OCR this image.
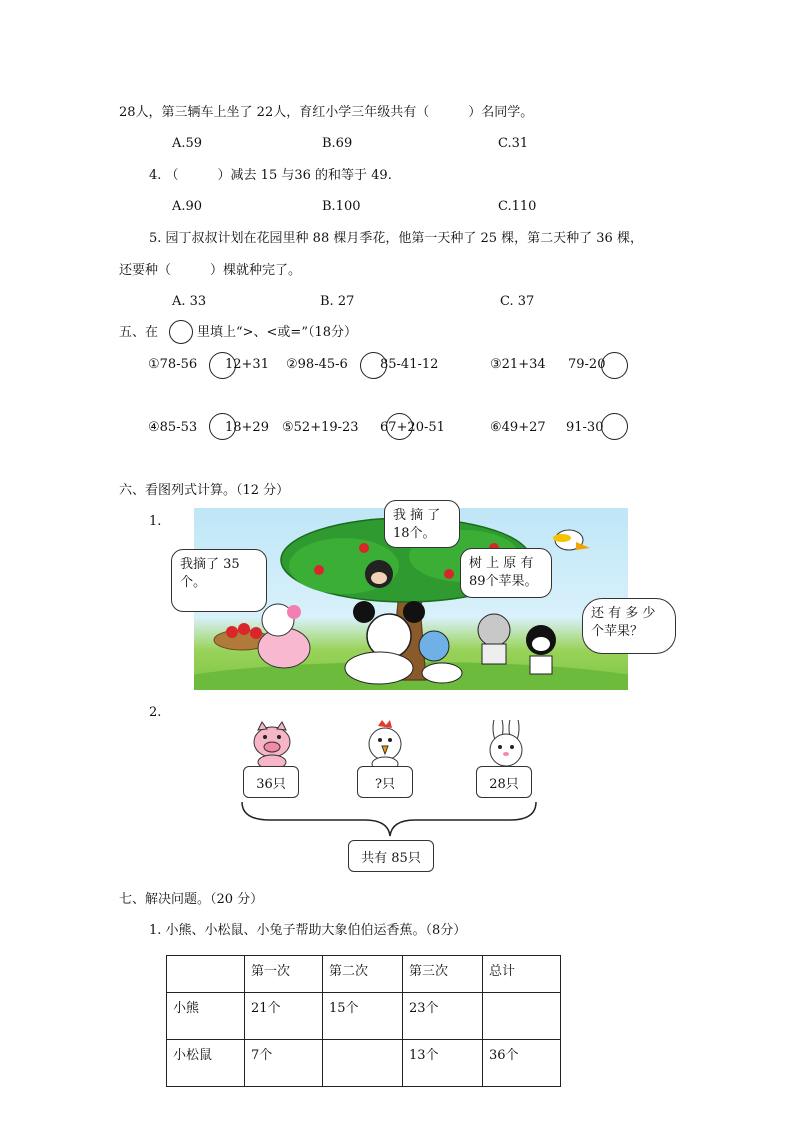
28人，第三辆车上坐了 22人，育红小学三年级共有（　　　）名同学。
A.59	B.69	C.31
4. （　　　）减去 15 与36 的和等于 49.
A.90	B.100	C.110
5. 园丁叔叔计划在花园里种 88 棵月季花，他第一天种了 25 棵，第二天种了 36 棵，
还要种（　　　）棵就种完了。
A. 33	B. 27	C. 37
五、在	里填上“>、<或=”（18分）
①78-56 12+31 ②98-45-6 85-41-12	③21+34 79-20
④85-53 18+29 ⑤52+19-23 67+20-51	⑥49+27 91-30
六、看图列式计算。（12 分）
1.
我摘了 35 个。
我 摘 了 18个。
树 上 原 有 89个苹果。
还 有 多 少 个苹果？
2.
36只	?只	28只
共有 85只
七、解决问题。（20 分）
1. 小熊、小松鼠、小兔子帮助大象伯伯运香蕉。（8分）
	第一次	第二次	第三次	总计
小熊	21个	15个	23个	
小松鼠	7个		13个	36个
